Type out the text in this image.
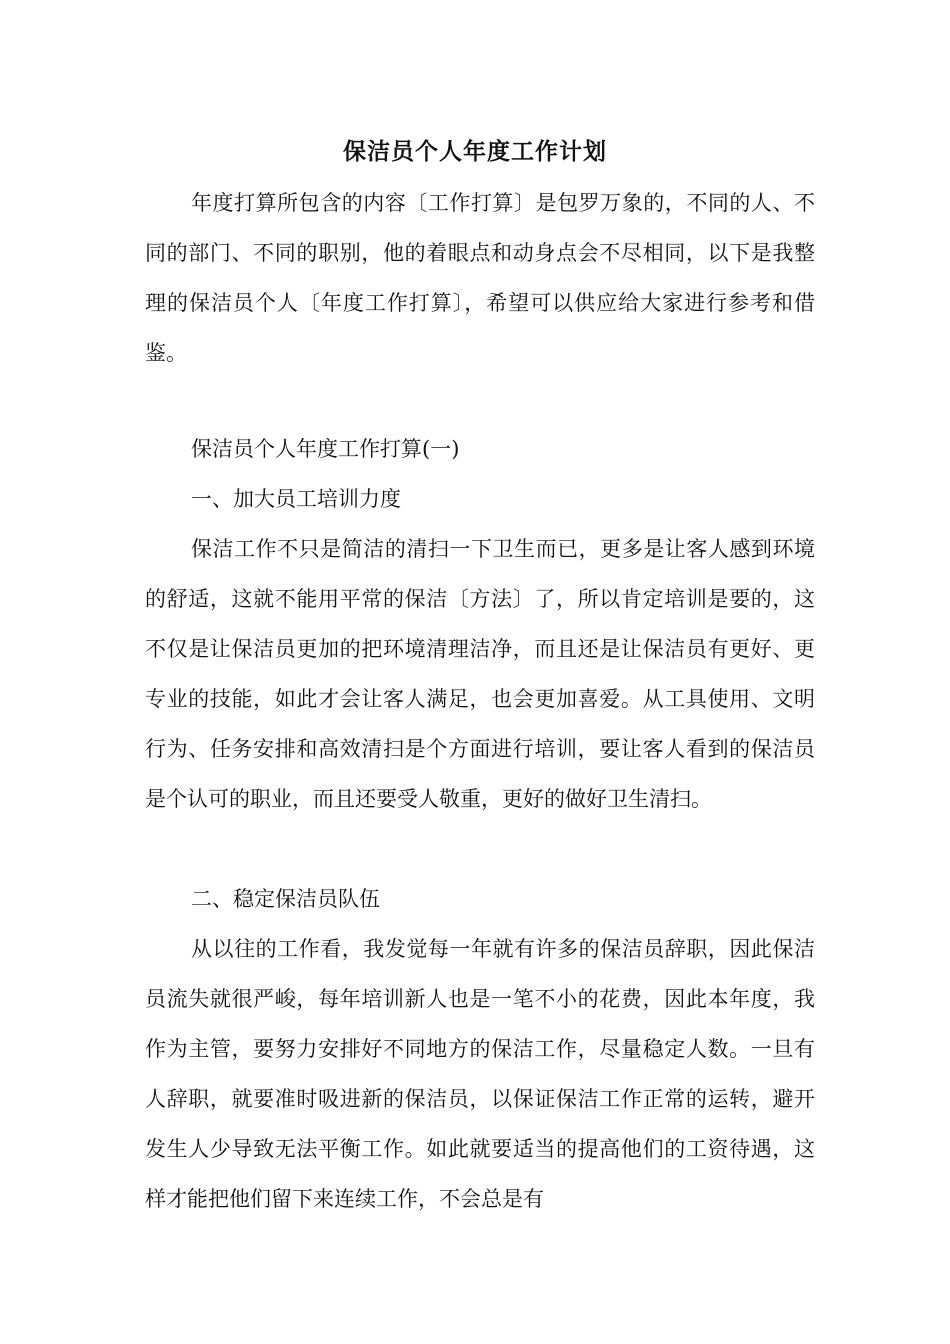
保洁员个人年度工作计划
年度打算所包含的内容〔工作打算〕是包罗万象的，不同的人、不同的部门、不同的职别，他的着眼点和动身点会不尽相同，以下是我整理的保洁员个人〔年度工作打算〕，希望可以供应给大家进行参考和借鉴。
保洁员个人年度工作打算(一)
一、加大员工培训力度
保洁工作不只是简洁的清扫一下卫生而已，更多是让客人感到环境的舒适，这就不能用平常的保洁〔方法〕了，所以肯定培训是要的，这不仅是让保洁员更加的把环境清理洁净，而且还是让保洁员有更好、更专业的技能，如此才会让客人满足，也会更加喜爱。从工具使用、文明行为、任务安排和高效清扫是个方面进行培训，要让客人看到的保洁员是个认可的职业，而且还要受人敬重，更好的做好卫生清扫。
二、稳定保洁员队伍
从以往的工作看，我发觉每一年就有许多的保洁员辞职，因此保洁员流失就很严峻，每年培训新人也是一笔不小的花费，因此本年度，我作为主管，要努力安排好不同地方的保洁工作，尽量稳定人数。一旦有人辞职，就要准时吸进新的保洁员，以保证保洁工作正常的运转，避开发生人少导致无法平衡工作。如此就要适当的提高他们的工资待遇，这样才能把他们留下来连续工作，不会总是有
